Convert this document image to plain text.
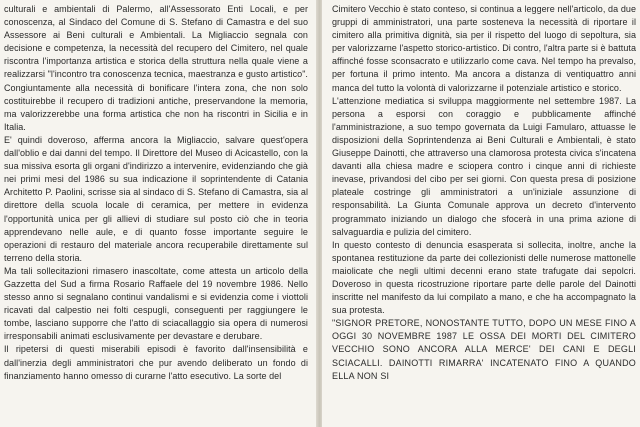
culturali e ambientali di Palermo, all'Assessorato Enti Locali, e per conoscenza, al Sindaco del Comune di S. Stefano di Camastra e del suo Assessore ai Beni culturali e Ambientali. La Migliaccio segnala con decisione e competenza, la necessità del recupero del Cimitero, nel quale riscontra l'importanza artistica e storica della struttura nella quale viene a realizzarsi "l'incontro tra conoscenza tecnica, maestranza e gusto artistico". Congiuntamente alla necessità di bonificare l'intera zona, che non solo costituirebbe il recupero di tradizioni antiche, preservandone la memoria, ma valorizzerebbe una forma artistica che non ha riscontri in Sicilia e in Italia.

E' quindi doveroso, afferma ancora la Migliaccio, salvare quest'opera dall'oblio e dai danni del tempo. Il Direttore del Museo di Acicastello, con la sua missiva esorta gli organi d'indirizzo a intervenire, evidenziando che già nei primi mesi del 1986 su sua indicazione il soprintendente di Catania Architetto P. Paolini, scrisse sia al sindaco di S. Stefano di Camastra, sia al direttore della scuola locale di ceramica, per mettere in evidenza l'opportunità unica per gli allievi di studiare sul posto ciò che in teoria apprendevano nelle aule, e di quanto fosse importante seguire le operazioni di restauro del materiale ancora recuperabile direttamente sul terreno della storia.

Ma tali sollecitazioni rimasero inascoltate, come attesta un articolo della Gazzetta del Sud a firma Rosario Raffaele del 19 novembre 1986. Nello stesso anno si segnalano continui vandalismi e si evidenzia come i viottoli ricavati dal calpestio nei folti cespugli, conseguenti per raggiungere le tombe, lasciano supporre che l'atto di sciacallaggio sia opera di numerosi irresponsabili animati esclusivamente per devastare e derubare.

Il ripetersi di questi miserabili episodi è favorito dall'insensibilità e dall'inerzia degli amministratori che pur avendo deliberato un fondo di finanziamento hanno omesso di curarne l'atto esecutivo. La sorte del

Cimitero Vecchio è stato conteso, si continua a leggere nell'articolo, da due gruppi di amministratori, una parte sosteneva la necessità di riportare il cimitero alla primitiva dignità, sia per il rispetto del luogo di sepoltura, sia per valorizzarne l'aspetto storico-artistico. Di contro, l'altra parte si è battuta affinché fosse sconsacrato e utilizzarlo come cava. Nel tempo ha prevalso, per fortuna il primo intento. Ma ancora a distanza di ventiquattro anni manca del tutto la volontà di valorizzarne il potenziale artistico e storico.

L'attenzione mediatica si sviluppa maggiormente nel settembre 1987. La persona a esporsi con coraggio e pubblicamente affinché l'amministrazione, a suo tempo governata da Luigi Famularo, attuasse le disposizioni della Soprintendenza ai Beni Culturali e Ambientali, è stato Giuseppe Dainotti, che attraverso una clamorosa protesta civica s'incatena davanti alla chiesa madre e sciopera contro i cinque anni di richieste inevase, privandosi del cibo per sei giorni. Con questa presa di posizione plateale costringe gli amministratori a un'iniziale assunzione di responsabilità. La Giunta Comunale approva un decreto d'intervento programmato iniziando un dialogo che sfocerà in una prima azione di salvaguardia e pulizia del cimitero.

In questo contesto di denuncia esasperata si sollecita, inoltre, anche la spontanea restituzione da parte dei collezionisti delle numerose mattonelle maiolicate che negli ultimi decenni erano state trafugate dai sepolcri. Doveroso in questa ricostruzione riportare parte delle parole del Dainotti inscritte nel manifesto da lui compilato a mano, e che ha accompagnato la sua protesta.

"SIGNOR PRETORE, NONOSTANTE TUTTO, DOPO UN MESE FINO A OGGI 30 NOVEMBRE 1987 LE OSSA DEI MORTI DEL CIMITERO VECCHIO SONO ANCORA ALLA MERCE' DEI CANI E DEGLI SCIACALLI. DAINOTTI RIMARRA' INCATENATO FINO A QUANDO ELLA NON SI
